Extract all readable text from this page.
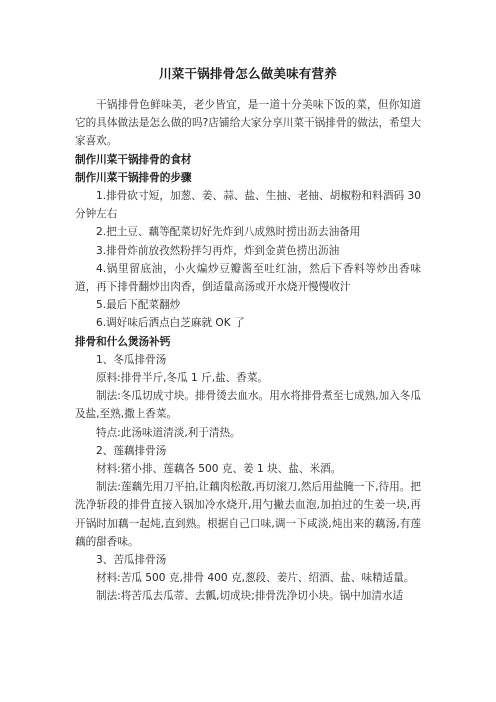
川菜干锅排骨怎么做美味有营养

干锅排骨色鲜味美，老少皆宜，是一道十分美味下饭的菜，但你知道它的具体做法是怎么做的吗?店铺给大家分享川菜干锅排骨的做法，希望大家喜欢。

制作川菜干锅排骨的食材

制作川菜干锅排骨的步骤

1.排骨砍寸短，加葱、姜、蒜、盐、生抽、老抽、胡椒粉和料酒码 30 分钟左右

2.把土豆、藕等配菜切好先炸到八成熟时捞出沥去油备用

3.排骨炸前放孜然粉拌匀再炸，炸到金黄色捞出沥油

4.锅里留底油，小火煸炒豆瓣酱至吐红油，然后下香料等炒出香味道，再下排骨翻炒出肉香，倒适量高汤或开水烧开慢慢收汁

5.最后下配菜翻炒

6.调好味后洒点白芝麻就 OK 了

排骨和什么煲汤补钙

1、冬瓜排骨汤

原料:排骨半斤,冬瓜 1 斤,盐、香菜。

制法:冬瓜切成寸块。排骨烫去血水。用水将排骨煮至七成熟,加入冬瓜及盐,至熟,撒上香菜。

特点:此汤味道清淡,利于清热。

2、莲藕排骨汤

材料:猪小排、莲藕各 500 克、姜 1 块、盐、米酒。

制法:莲藕先用刀平拍,让藕肉松散,再切滚刀,然后用盐腌一下,待用。把洗净斩段的排骨直接入锅加冷水烧开,用勺撇去血泡,加拍过的生姜一块,再开锅时加藕一起炖,直到熟。根据自己口味,调一下咸淡,炖出来的藕汤,有莲藕的甜香味。

3、苦瓜排骨汤

材料:苦瓜 500 克,排骨 400 克,葱段、姜片、绍酒、盐、味精适量。

制法:将苦瓜去瓜蒂、去瓤,切成块;排骨洗净切小块。锅中加清水适
